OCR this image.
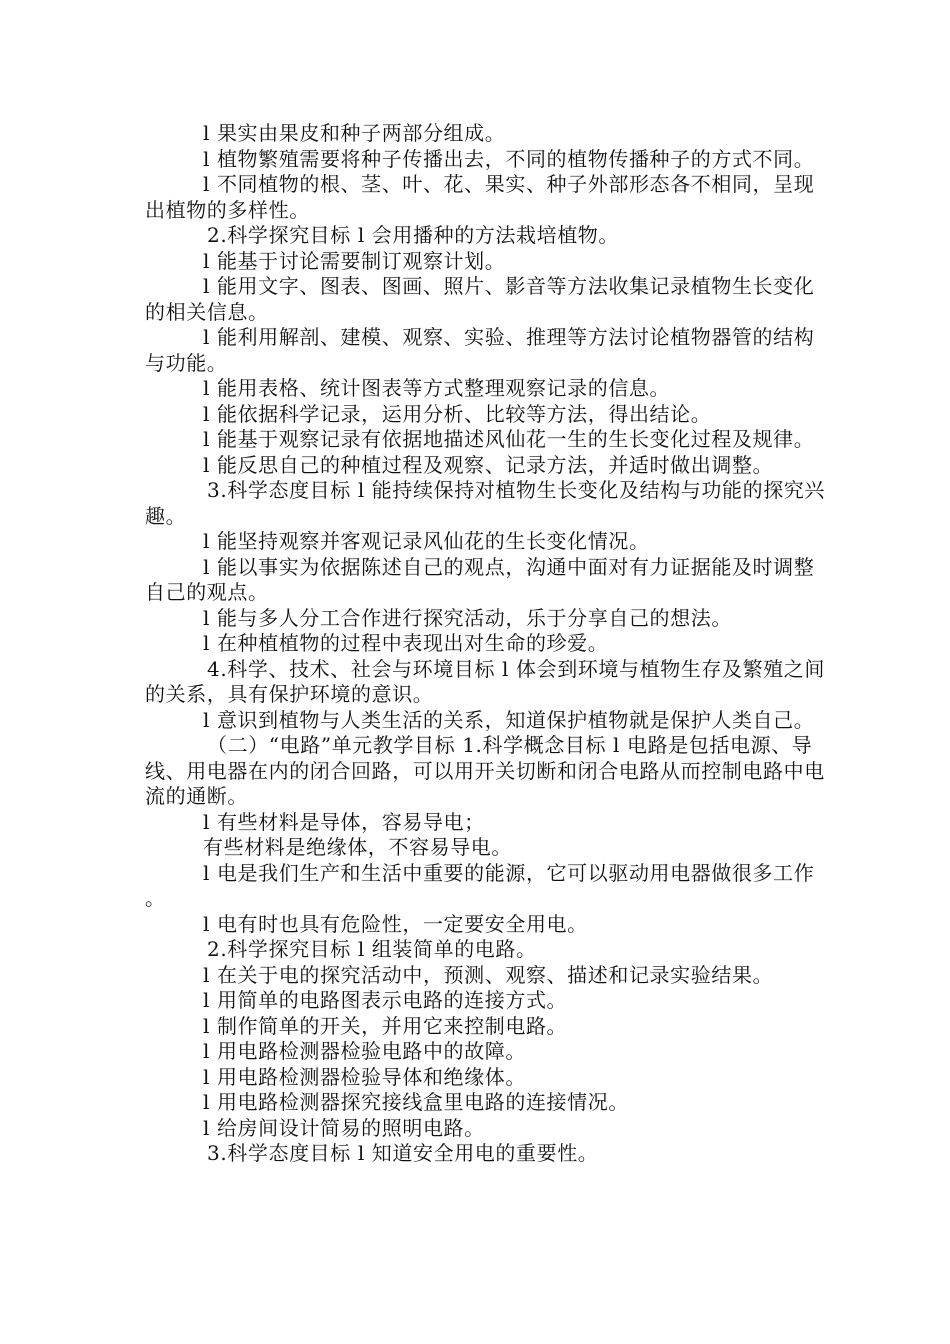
l 果实由果皮和种子两部分组成。

l 植物繁殖需要将种子传播出去，不同的植物传播种子的方式不同。

l 不同植物的根、茎、叶、花、果实、种子外部形态各不相同，呈现出植物的多样性。

2.科学探究目标 l 会用播种的方法栽培植物。

l 能基于讨论需要制订观察计划。

l 能用文字、图表、图画、照片、影音等方法收集记录植物生长变化的相关信息。

l 能利用解剖、建模、观察、实验、推理等方法讨论植物器管的结构与功能。

l 能用表格、统计图表等方式整理观察记录的信息。

l 能依据科学记录，运用分析、比较等方法，得出结论。

l 能基于观察记录有依据地描述风仙花一生的生长变化过程及规律。

l 能反思自己的种植过程及观察、记录方法，并适时做出调整。

3.科学态度目标 l 能持续保持对植物生长变化及结构与功能的探究兴趣。

l 能坚持观察并客观记录风仙花的生长变化情况。

l 能以事实为依据陈述自己的观点，沟通中面对有力证据能及时调整自己的观点。

l 能与多人分工合作进行探究活动，乐于分享自己的想法。

l 在种植植物的过程中表现出对生命的珍爱。

4.科学、技术、社会与环境目标 l 体会到环境与植物生存及繁殖之间的关系，具有保护环境的意识。

l 意识到植物与人类生活的关系，知道保护植物就是保护人类自己。

（二）“电路”单元教学目标 1.科学概念目标 l 电路是包括电源、导线、用电器在内的闭合回路，可以用开关切断和闭合电路从而控制电路中电流的通断。

l 有些材料是导体，容易导电；

有些材料是绝缘体，不容易导电。

l 电是我们生产和生活中重要的能源，它可以驱动用电器做很多工作。

l 电有时也具有危险性，一定要安全用电。

2.科学探究目标 l 组装简单的电路。

l 在关于电的探究活动中，预测、观察、描述和记录实验结果。

l 用简单的电路图表示电路的连接方式。

l 制作简单的开关，并用它来控制电路。

l 用电路检测器检验电路中的故障。

l 用电路检测器检验导体和绝缘体。

l 用电路检测器探究接线盒里电路的连接情况。

l 给房间设计简易的照明电路。

3.科学态度目标 l 知道安全用电的重要性。
